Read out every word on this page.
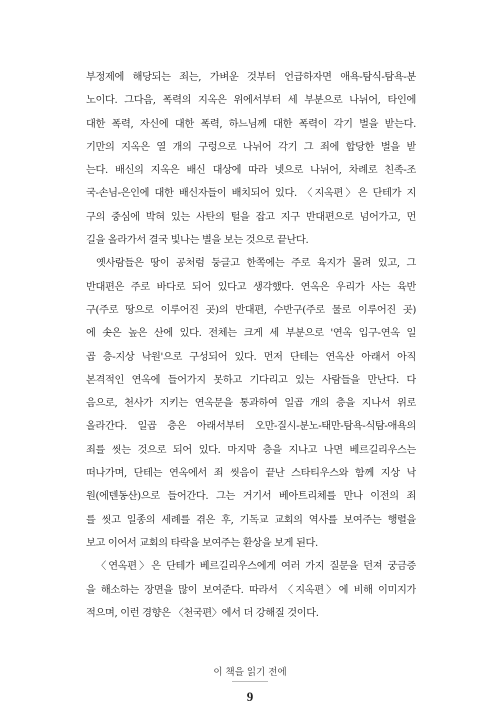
부정제에 해당되는 죄는, 가벼운 것부터 언급하자면 애욕-탐식-탐욕-분
노이다. 그다음, 폭력의 지옥은 위에서부터 세 부분으로 나뉘어, 타인에
대한 폭력, 자신에 대한 폭력, 하느님께 대한 폭력이 각기 벌을 받는다.
기만의 지옥은 열 개의 구렁으로 나뉘어 각기 그 죄에 합당한 벌을 받
는다. 배신의 지옥은 배신 대상에 따라 넷으로 나뉘어, 차례로 친족-조
국-손님-은인에 대한 배신자들이 배치되어 있다. 〈지옥편〉은 단테가 지
구의 중심에 박혀 있는 사탄의 털을 잡고 지구 반대편으로 넘어가고, 먼
길을 올라가서 결국 빛나는 별을 보는 것으로 끝난다.
옛사람들은 땅이 공처럼 둥글고 한쪽에는 주로 육지가 몰려 있고, 그
반대편은 주로 바다로 되어 있다고 생각했다. 연옥은 우리가 사는 육반
구(주로 땅으로 이루어진 곳)의 반대편, 수반구(주로 물로 이루어진 곳)
에 솟은 높은 산에 있다. 전체는 크게 세 부분으로 '연옥 입구-연옥 일
곱 층-지상 낙원'으로 구성되어 있다. 먼저 단테는 연옥산 아래서 아직
본격적인 연옥에 들어가지 못하고 기다리고 있는 사람들을 만난다. 다
음으로, 천사가 지키는 연옥문을 통과하여 일곱 개의 층을 지나서 위로
올라간다. 일곱 층은 아래서부터 오만-질시-분노-태만-탐욕-식탐-애욕의
죄를 씻는 것으로 되어 있다. 마지막 층을 지나고 나면 베르길리우스는
떠나가며, 단테는 연옥에서 죄 씻음이 끝난 스타티우스와 함께 지상 낙
원(에덴동산)으로 들어간다. 그는 거기서 베아트리체를 만나 이전의 죄
를 씻고 일종의 세례를 겪은 후, 기독교 교회의 역사를 보여주는 행렬을
보고 이어서 교회의 타락을 보여주는 환상을 보게 된다.
〈연옥편〉은 단테가 베르길리우스에게 여러 가지 질문을 던져 궁금증
을 해소하는 장면을 많이 보여준다. 따라서 〈지옥편〉에 비해 이미지가
적으며, 이런 경향은 〈천국편〉에서 더 강해질 것이다.
이 책을 읽기 전에
9
